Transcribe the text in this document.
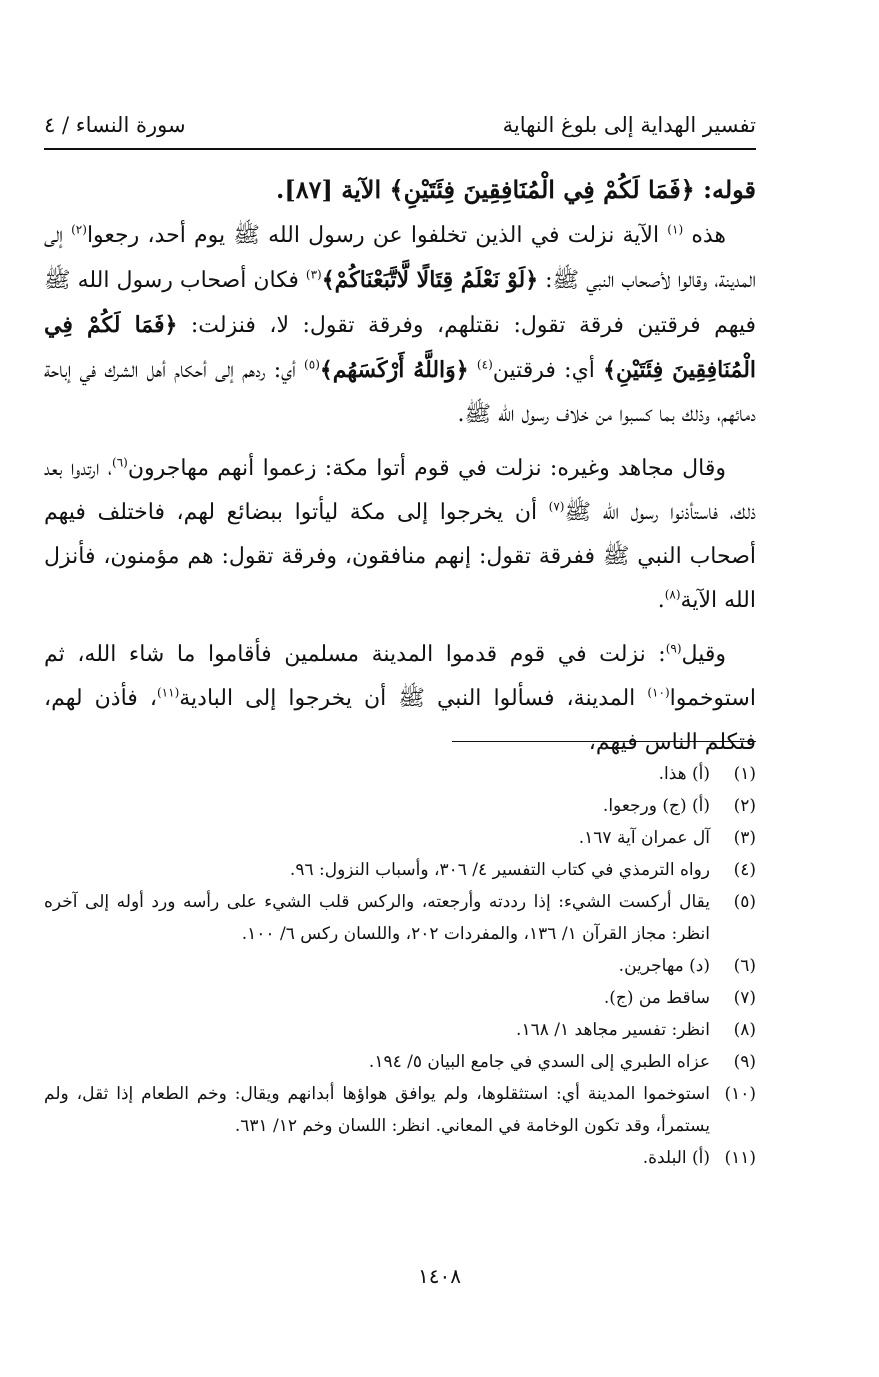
تفسير الهداية إلى بلوغ النهاية
سورة النساء / ٤

قوله: ﴿فَمَا لَكُمْ فِي الْمُنَافِقِينَ فِئَتَيْنِ﴾ الآية [٨٧].

هذه $^{(١)}$ الآية نزلت في الذين تخلفوا عن رسول الله ﷺ يوم أحد، رجعوا$^{(٢)}$ إلى المدينة، وقالوا لأصحاب النبي ﷺ: ﴿لَوْ نَعْلَمُ قِتَالًا لَّاتَّبَعْنَاكُمْ﴾$^{(٣)}$ فكان أصحاب رسول الله ﷺ فيهم فرقتين فرقة تقول: نقتلهم، وفرقة تقول: لا، فنزلت: ﴿فَمَا لَكُمْ فِي الْمُنَافِقِينَ فِئَتَيْنِ﴾ أي: فرقتين$^{(٤)}$ ﴿وَاللَّهُ أَرْكَسَهُم﴾$^{(٥)}$ أي: ردهم إلى أحكام أهل الشرك في إباحة دمائهم، وذلك بما كسبوا من خلاف رسول الله ﷺ.

وقال مجاهد وغيره: نزلت في قوم أتوا مكة: زعموا أنهم مهاجرون$^{(٦)}$، ارتدوا بعد ذلك، فاستأذنوا رسول الله ﷺ$^{(٧)}$ أن يخرجوا إلى مكة ليأتوا ببضائع لهم، فاختلف فيهم أصحاب النبي ﷺ ففرقة تقول: إنهم منافقون، وفرقة تقول: هم مؤمنون، فأنزل الله الآية$^{(٨)}$.

وقيل$^{(٩)}$: نزلت في قوم قدموا المدينة مسلمين فأقاموا ما شاء الله، ثم استوخموا$^{(١٠)}$ المدينة، فسألوا النبي ﷺ أن يخرجوا إلى البادية$^{(١١)}$، فأذن لهم، فتكلم الناس فيهم،

(١)
(أ) هذا.
(٢)
(أ) (ج) ورجعوا.
(٣)
آل عمران آية ١٦٧.
(٤)
رواه الترمذي في كتاب التفسير ٤/ ٣٠٦، وأسباب النزول: ٩٦.
(٥)
يقال أركست الشيء: إذا رددته وأرجعته، والركس قلب الشيء على رأسه ورد أوله إلى آخره انظر: مجاز القرآن ١/ ١٣٦، والمفردات ٢٠٢، واللسان ركس ٦/ ١٠٠.
(٦)
(د) مهاجرين.
(٧)
ساقط من (ج).
(٨)
انظر: تفسير مجاهد ١/ ١٦٨.
(٩)
عزاه الطبري إلى السدي في جامع البيان ٥/ ١٩٤.
(١٠)
استوخموا المدينة أي: استثقلوها، ولم يوافق هواؤها أبدانهم ويقال: وخم الطعام إذا ثقل، ولم يستمرأ، وقد تكون الوخامة في المعاني. انظر: اللسان وخم ١٢/ ٦٣١.
(١١)
(أ) البلدة.
١٤٠٨
